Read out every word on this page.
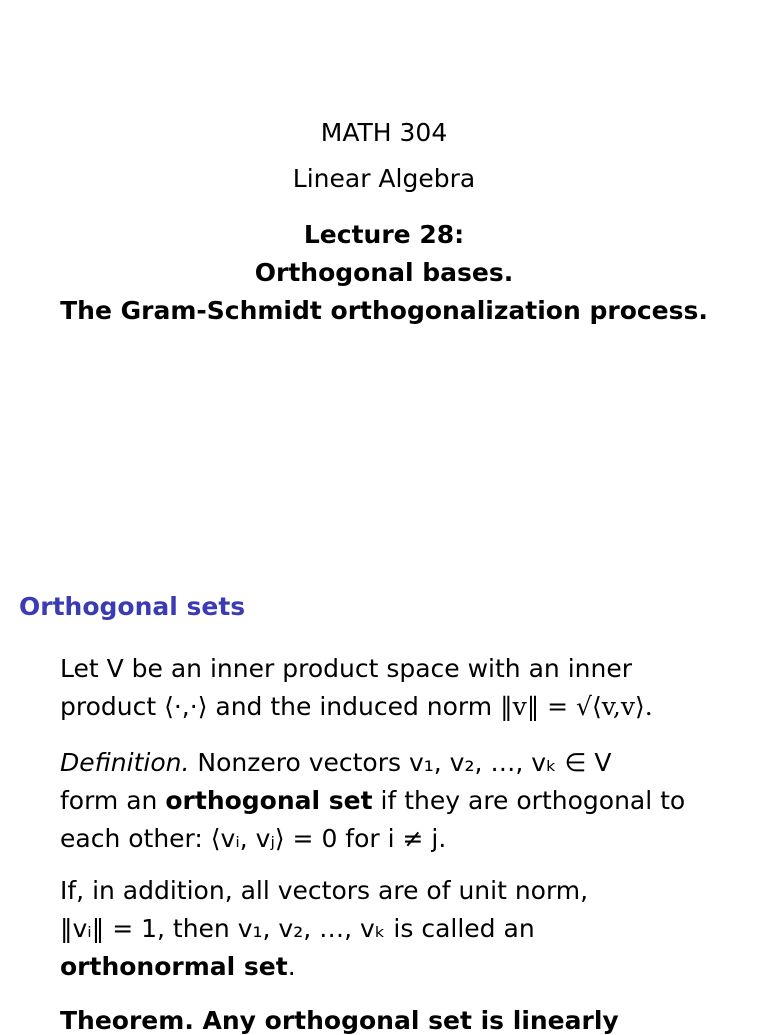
MATH 304
Linear Algebra
Lecture 28:
Orthogonal bases.
The Gram-Schmidt orthogonalization process.
Orthogonal sets
Let V be an inner product space with an inner
product ⟨·,·⟩ and the induced norm ‖v‖ = √⟨v,v⟩.
Definition. Nonzero vectors v₁, v₂, …, vₖ ∈ V
form an orthogonal set if they are orthogonal to
each other: ⟨vᵢ, vⱼ⟩ = 0 for i ≠ j.
If, in addition, all vectors are of unit norm,
‖vᵢ‖ = 1, then v₁, v₂, …, vₖ is called an
orthonormal set.
Theorem. Any orthogonal set is linearly
